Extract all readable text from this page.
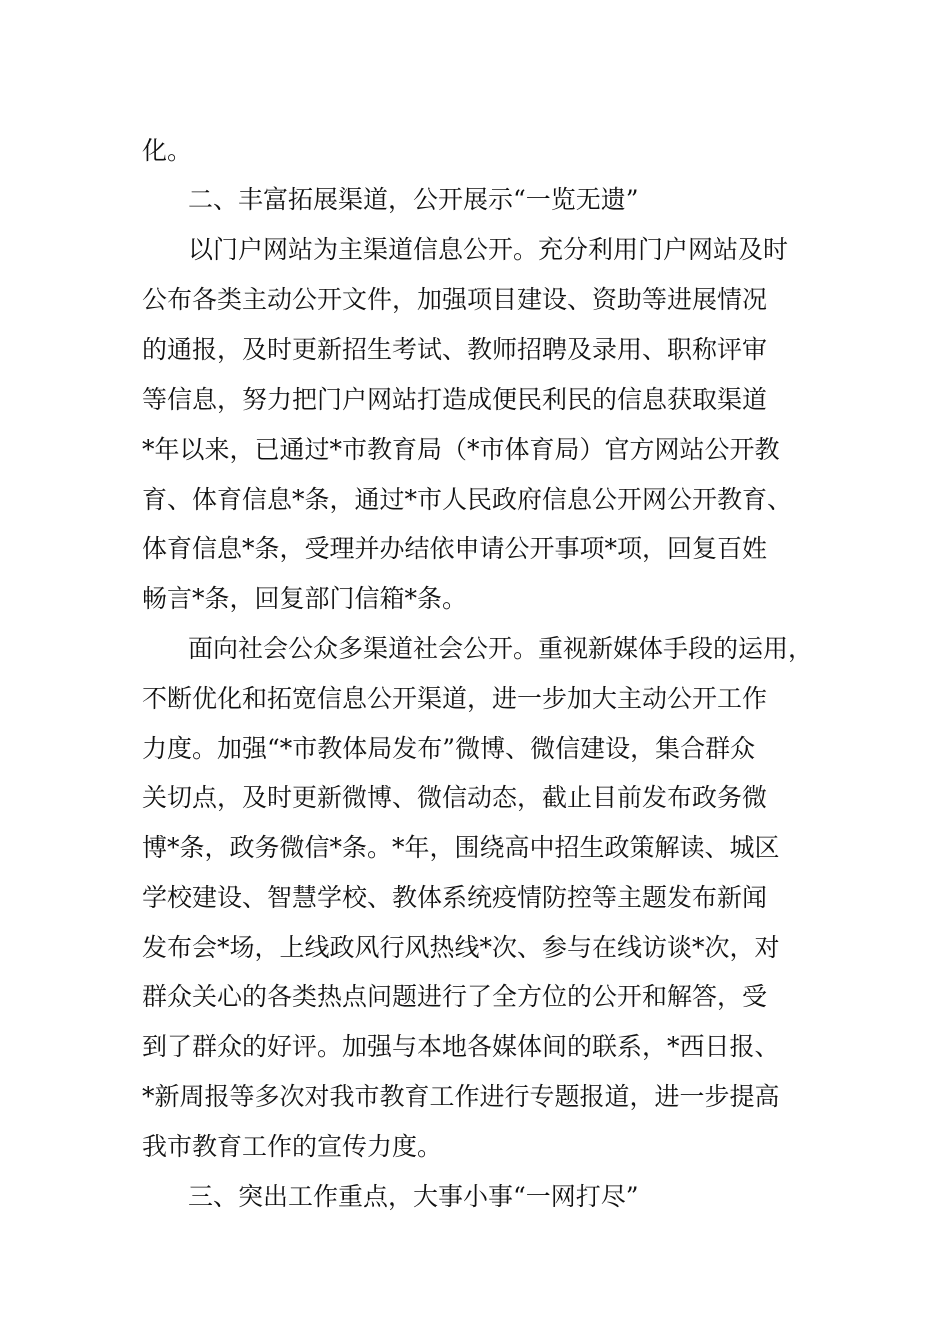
化。
二、丰富拓展渠道，公开展示“一览无遗”
以门户网站为主渠道信息公开。充分利用门户网站及时
公布各类主动公开文件，加强项目建设、资助等进展情况
的通报，及时更新招生考试、教师招聘及录用、职称评审
等信息，努力把门户网站打造成便民利民的信息获取渠道
*年以来，已通过*市教育局（*市体育局）官方网站公开教
育、体育信息*条，通过*市人民政府信息公开网公开教育、
体育信息*条，受理并办结依申请公开事项*项，回复百姓
畅言*条，回复部门信箱*条。
面向社会公众多渠道社会公开。重视新媒体手段的运用，
不断优化和拓宽信息公开渠道，进一步加大主动公开工作
力度。加强“*市教体局发布”微博、微信建设，集合群众
关切点，及时更新微博、微信动态，截止目前发布政务微
博*条，政务微信*条。*年，围绕高中招生政策解读、城区
学校建设、智慧学校、教体系统疫情防控等主题发布新闻
发布会*场，上线政风行风热线*次、参与在线访谈*次，对
群众关心的各类热点问题进行了全方位的公开和解答，受
到了群众的好评。加强与本地各媒体间的联系，*西日报、
*新周报等多次对我市教育工作进行专题报道，进一步提高
我市教育工作的宣传力度。
三、突出工作重点，大事小事“一网打尽”
